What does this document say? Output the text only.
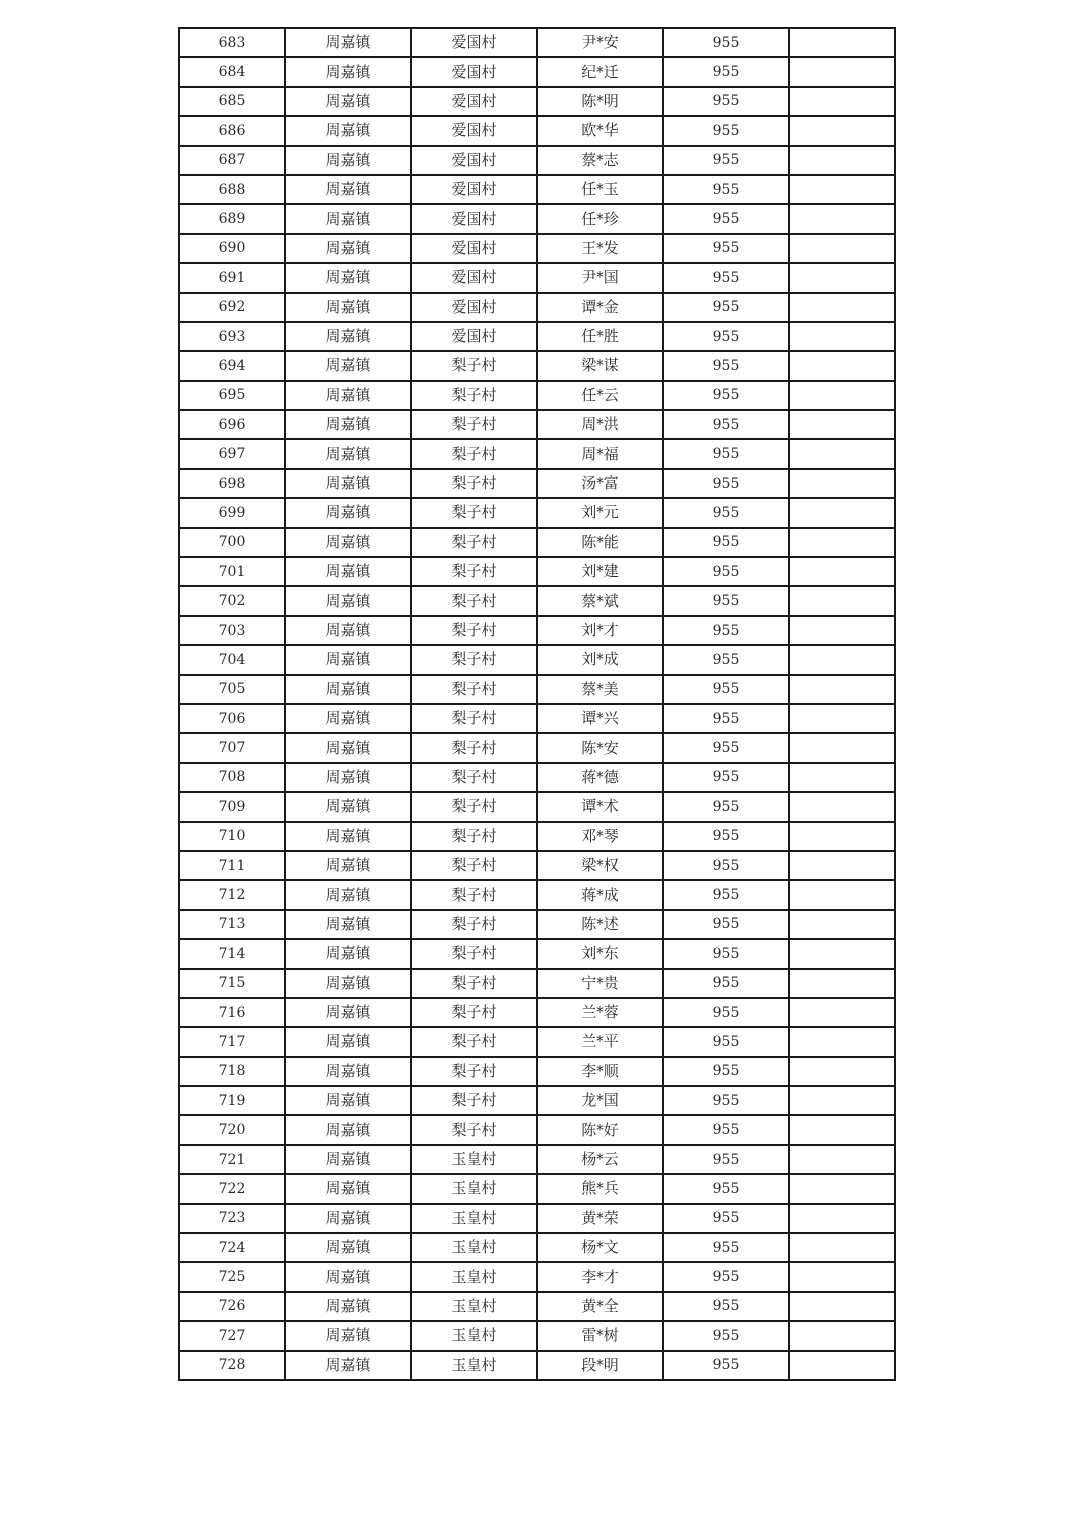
683	周嘉镇	爱国村	尹*安	955	
684	周嘉镇	爱国村	纪*迁	955	
685	周嘉镇	爱国村	陈*明	955	
686	周嘉镇	爱国村	欧*华	955	
687	周嘉镇	爱国村	蔡*志	955	
688	周嘉镇	爱国村	任*玉	955	
689	周嘉镇	爱国村	任*珍	955	
690	周嘉镇	爱国村	王*发	955	
691	周嘉镇	爱国村	尹*国	955	
692	周嘉镇	爱国村	谭*金	955	
693	周嘉镇	爱国村	任*胜	955	
694	周嘉镇	梨子村	梁*谋	955	
695	周嘉镇	梨子村	任*云	955	
696	周嘉镇	梨子村	周*洪	955	
697	周嘉镇	梨子村	周*福	955	
698	周嘉镇	梨子村	汤*富	955	
699	周嘉镇	梨子村	刘*元	955	
700	周嘉镇	梨子村	陈*能	955	
701	周嘉镇	梨子村	刘*建	955	
702	周嘉镇	梨子村	蔡*斌	955	
703	周嘉镇	梨子村	刘*才	955	
704	周嘉镇	梨子村	刘*成	955	
705	周嘉镇	梨子村	蔡*美	955	
706	周嘉镇	梨子村	谭*兴	955	
707	周嘉镇	梨子村	陈*安	955	
708	周嘉镇	梨子村	蒋*德	955	
709	周嘉镇	梨子村	谭*术	955	
710	周嘉镇	梨子村	邓*琴	955	
711	周嘉镇	梨子村	梁*权	955	
712	周嘉镇	梨子村	蒋*成	955	
713	周嘉镇	梨子村	陈*述	955	
714	周嘉镇	梨子村	刘*东	955	
715	周嘉镇	梨子村	宁*贵	955	
716	周嘉镇	梨子村	兰*蓉	955	
717	周嘉镇	梨子村	兰*平	955	
718	周嘉镇	梨子村	李*顺	955	
719	周嘉镇	梨子村	龙*国	955	
720	周嘉镇	梨子村	陈*好	955	
721	周嘉镇	玉皇村	杨*云	955	
722	周嘉镇	玉皇村	熊*兵	955	
723	周嘉镇	玉皇村	黄*荣	955	
724	周嘉镇	玉皇村	杨*文	955	
725	周嘉镇	玉皇村	李*才	955	
726	周嘉镇	玉皇村	黄*全	955	
727	周嘉镇	玉皇村	雷*树	955	
728	周嘉镇	玉皇村	段*明	955	
